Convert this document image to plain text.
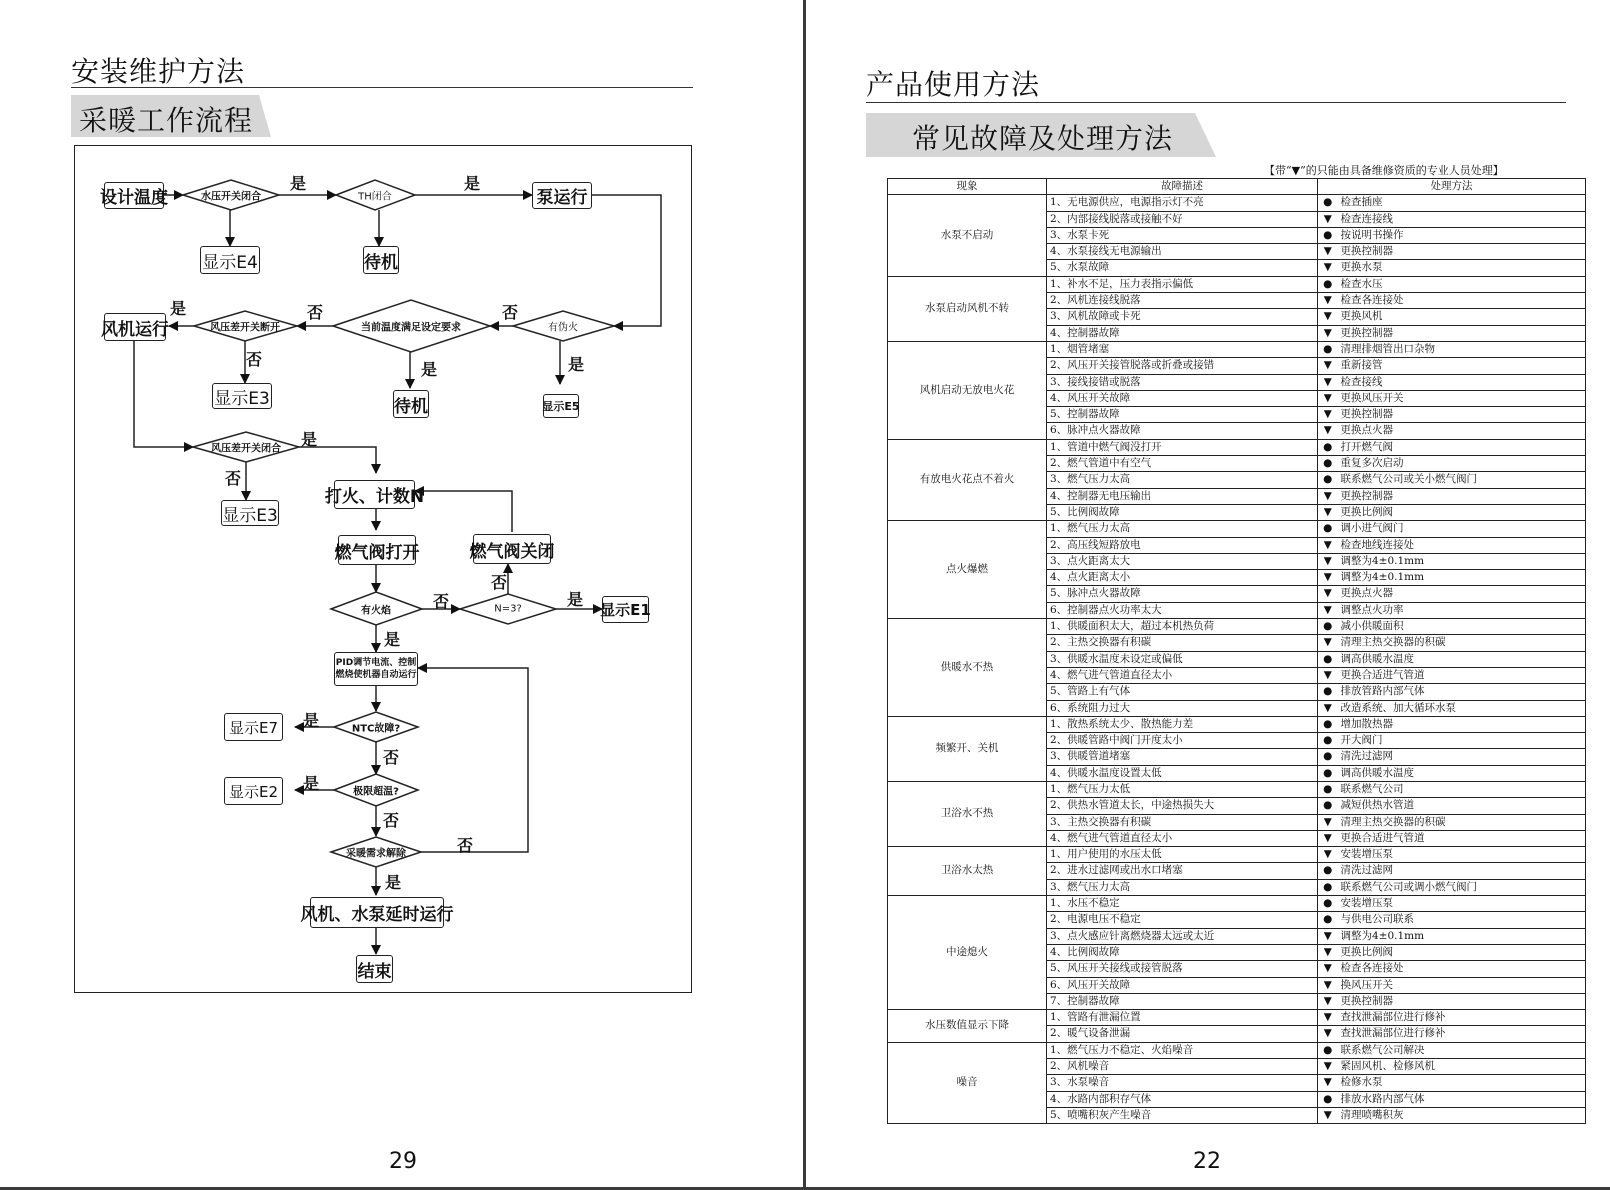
安装维护方法
采暖工作流程
水压开关闭合	TH闭合
有伪火
当前温度满足设定要求
风压差开关断开
风压差开关闭合
有火焰	N=3?
NTC故障?
极限超温?
采暖需求解除
设计温度	泵运行
显示E4	待机
风机运行
显示E3	待机	显示E5
显示E3
打火、计数N
燃气阀打开	燃气阀关闭
显示E1
PID调节电流、控制
燃烧使机器自动运行
显示E7
显示E2
风机、水泵延时运行
结束
是	是
是	否	否
否
是	是
是
否
否
否
是
是
是
否
是
否
否
是
29
产品使用方法
常见故障及处理方法
【带“▼”的只能由具备维修资质的专业人员处理】
现象	故障描述	处理方法	
水泵不启动	1、无电源供应，电源指示灯不亮	●	检查插座
	2、内部接线脱落或接触不好	▼	检查连接线
	3、水泵卡死	●	按说明书操作
	4、水泵接线无电源输出	▼	更换控制器
	5、水泵故障	▼	更换水泵
水泵启动风机不转	1、补水不足，压力表指示偏低	●	检查水压
	2、风机连接线脱落	▼	检查各连接处
	3、风机故障或卡死	▼	更换风机
	4、控制器故障	▼	更换控制器
风机启动无放电火花	1、烟管堵塞	●	清理排烟管出口杂物
	2、风压开关接管脱落或折叠或接错	▼	重新接管
	3、接线接错或脱落	▼	检查接线
	4、风压开关故障	▼	更换风压开关
	5、控制器故障	▼	更换控制器
	6、脉冲点火器故障	▼	更换点火器
有放电火花点不着火	1、管道中燃气阀没打开	●	打开燃气阀
	2、燃气管道中有空气	●	重复多次启动
	3、燃气压力太高	●	联系燃气公司或关小燃气阀门
	4、控制器无电压输出	▼	更换控制器
	5、比例阀故障	▼	更换比例阀
点火爆燃	1、燃气压力太高	●	调小进气阀门
	2、高压线短路放电	▼	检查地线连接处
	3、点火距离太大	▼	调整为4±0.1mm
	4、点火距离太小	▼	调整为4±0.1mm
	5、脉冲点火器故障	▼	更换点火器
	6、控制器点火功率太大	▼	调整点火功率
供暖水不热	1、供暖面积太大，超过本机热负荷	●	减小供暖面积
	2、主热交换器有积碳	▼	清理主热交换器的积碳
	3、供暖水温度未设定或偏低	●	调高供暖水温度
	4、燃气进气管道直径太小	▼	更换合适进气管道
	5、管路上有气体	●	排放管路内部气体
	6、系统阻力过大	▼	改造系统、加大循环水泵
频繁开、关机	1、散热系统太少、散热能力差	●	增加散热器
	2、供暖管路中阀门开度太小	●	开大阀门
	3、供暖管道堵塞	●	清洗过滤网
	4、供暖水温度设置太低	●	调高供暖水温度
卫浴水不热	1、燃气压力太低	●	联系燃气公司
	2、供热水管道太长，中途热损失大	●	减短供热水管道
	3、主热交换器有积碳	▼	清理主热交换器的积碳
	4、燃气进气管道直径太小	▼	更换合适进气管道
卫浴水太热	1、用户使用的水压太低	▼	安装增压泵
	2、进水过滤网或出水口堵塞	●	清洗过滤网
	3、燃气压力太高	●	联系燃气公司或调小燃气阀门
中途熄火	1、水压不稳定	●	安装增压泵
	2、电源电压不稳定	●	与供电公司联系
	3、点火感应针离燃烧器太远或太近	▼	调整为4±0.1mm
	4、比例阀故障	▼	更换比例阀
	5、风压开关接线或接管脱落	▼	检查各连接处
	6、风压开关故障	▼	换风压开关
	7、控制器故障	▼	更换控制器
水压数值显示下降	1、管路有泄漏位置	▼	查找泄漏部位进行修补
	2、暖气设备泄漏	▼	查找泄漏部位进行修补
噪音	1、燃气压力不稳定、火焰噪音	●	联系燃气公司解决
	2、风机噪音	▼	紧固风机、检修风机
	3、水泵噪音	▼	检修水泵
	4、水路内部积存气体	●	排放水路内部气体
	5、喷嘴积灰产生噪音	▼	清理喷嘴积灰
22
